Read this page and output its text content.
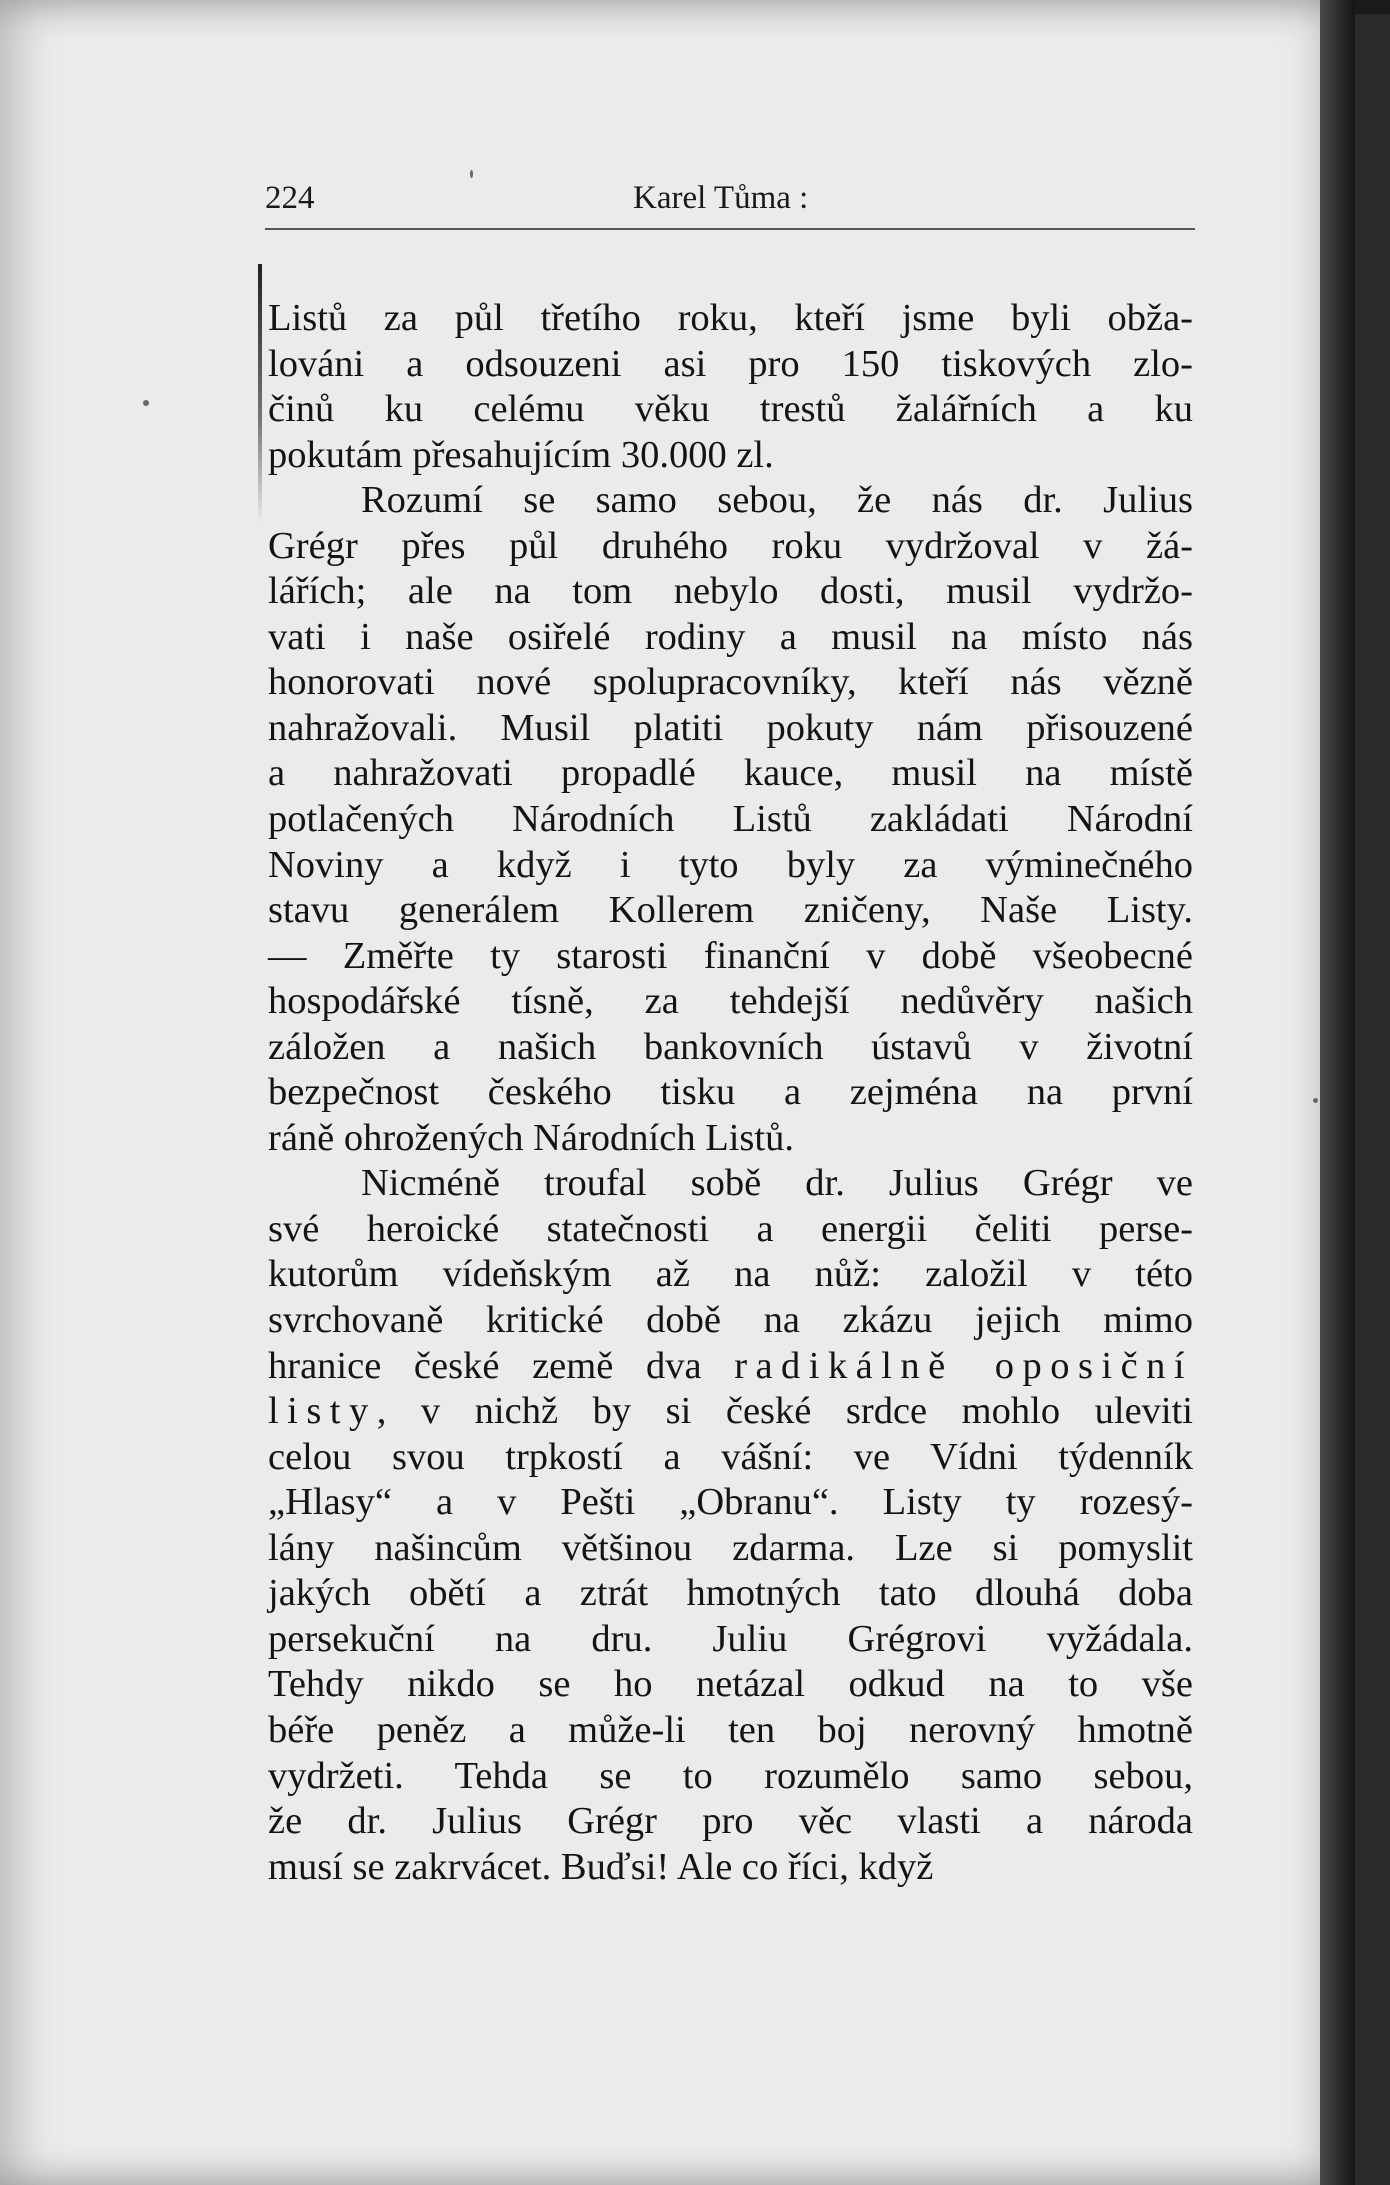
224	Karel Tůma :
Listů za půl třetího roku, kteří jsme byli obža-
lováni a odsouzeni asi pro 150 tiskových zlo-
činů ku celému věku trestů žalářních a ku
pokutám přesahujícím 30.000 zl.
Rozumí se samo sebou, že nás dr. Julius
Grégr přes půl druhého roku vydržoval v žá-
lářích; ale na tom nebylo dosti, musil vydržo-
vati i naše osiřelé rodiny a musil na místo nás
honorovati nové spolupracovníky, kteří nás vězně
nahražovali. Musil platiti pokuty nám přisouzené
a nahražovati propadlé kauce, musil na místě
potlačených Národních Listů zakládati Národní
Noviny a když i tyto byly za výminečného
stavu generálem Kollerem zničeny, Naše Listy.
— Změřte ty starosti finanční v době všeobecné
hospodářské tísně, za tehdejší nedůvěry našich
záložen a našich bankovních ústavů v životní
bezpečnost českého tisku a zejména na první
ráně ohrožených Národních Listů.
Nicméně troufal sobě dr. Julius Grégr ve
své heroické statečnosti a energii čeliti perse-
kutorům vídeňským až na nůž: založil v této
svrchovaně kritické době na zkázu jejich mimo
hranice české země dva radikálně oposiční
listy, v nichž by si české srdce mohlo uleviti
celou svou trpkostí a vášní: ve Vídni týdenník
„Hlasy“ a v Pešti „Obranu“. Listy ty rozesý-
lány našincům většinou zdarma. Lze si pomyslit
jakých obětí a ztrát hmotných tato dlouhá doba
persekuční na dru. Juliu Grégrovi vyžádala.
Tehdy nikdo se ho netázal odkud na to vše
béře peněz a může-li ten boj nerovný hmotně
vydržeti. Tehda se to rozumělo samo sebou,
že dr. Julius Grégr pro věc vlasti a národa
musí se zakrvácet. Buďsi! Ale co říci, když
